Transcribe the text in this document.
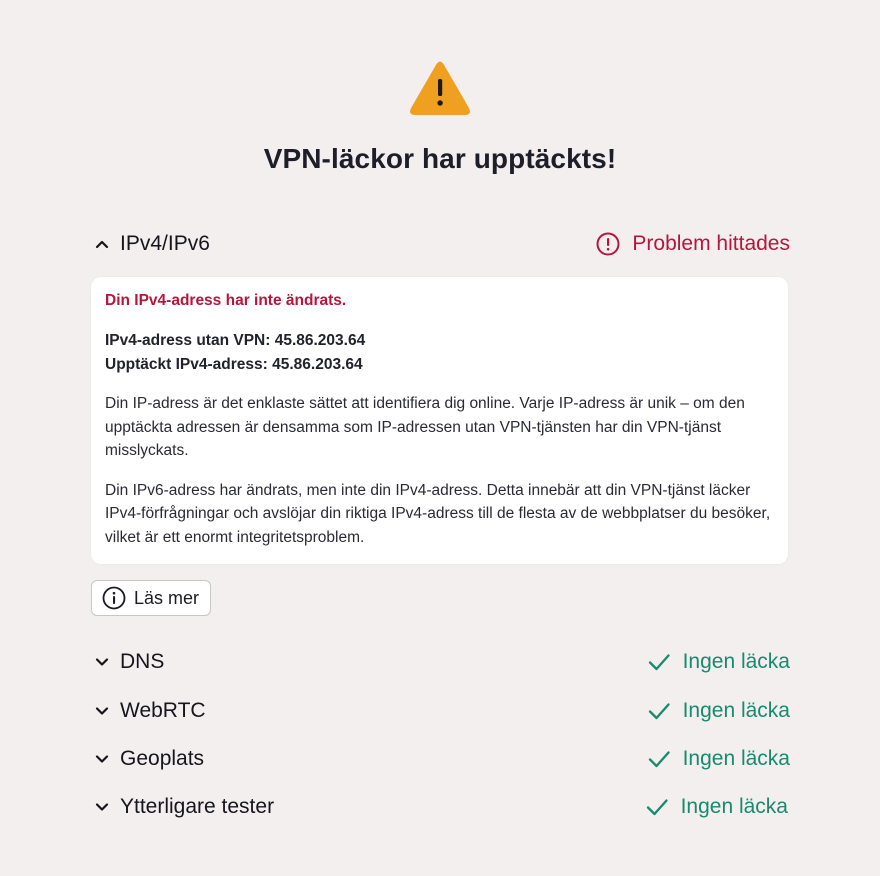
VPN-läckor har upptäckts!
IPv4/IPv6	Problem hittades

Din IPv4-adress har inte ändrats.

IPv4-adress utan VPN: 45.86.203.64

Upptäckt IPv4-adress: 45.86.203.64

Din IP-adress är det enklaste sättet att identifiera dig online. Varje IP-adress är unik – om den upptäckta adressen är densamma som IP-adressen utan VPN-tjänsten har din VPN-tjänst misslyckats.

Din IPv6-adress har ändrats, men inte din IPv4-adress. Detta innebär att din VPN-tjänst läcker IPv4-förfrågningar och avslöjar din riktiga IPv4-adress till de flesta av de webbplatser du besöker, vilket är ett enormt integritetsproblem.

Läs mer
DNS	Ingen läcka
WebRTC	Ingen läcka
Geoplats	Ingen läcka
Ytterligare tester	Ingen läcka
